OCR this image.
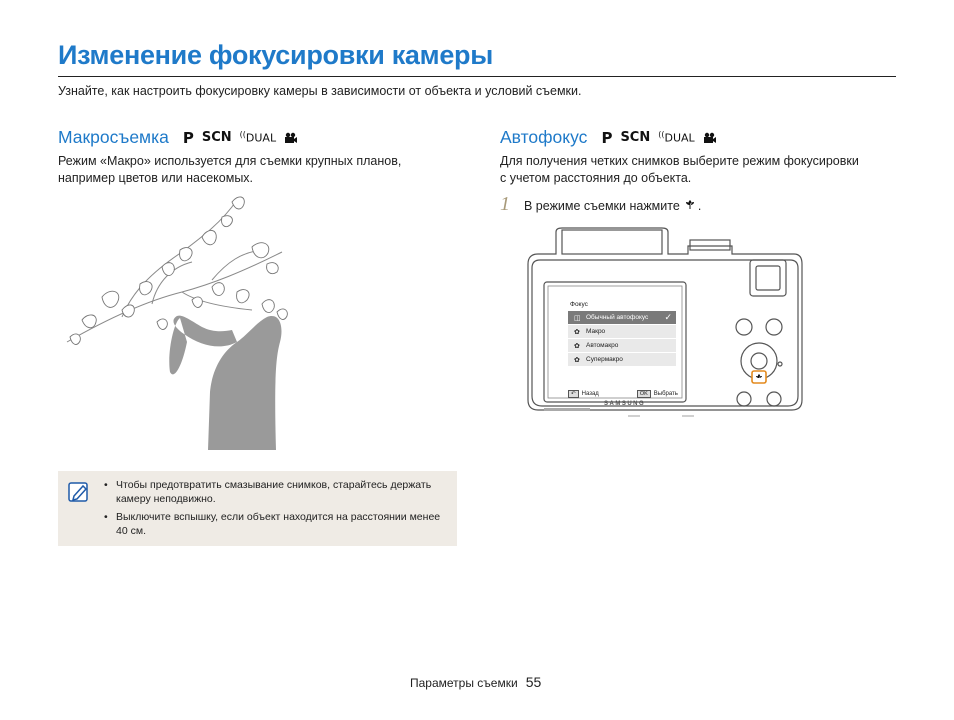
Изменение фокусировки камеры
Узнайте, как настроить фокусировку камеры в зависимости от объекта и условий съемки.
Макросъемка P SCN ((DUAL
Режим «Макро» используется для съемки крупных планов,
например цветов или насекомых.
• Чтобы предотвратить смазывание снимков, старайтесь держать камеру неподвижно.
• Выключите вспышку, если объект находится на расстоянии менее 40 см.
Автофокус P SCN ((DUAL
Для получения четких снимков выберите режим фокусировки
с учетом расстояния до объекта.
1	В режиме съемки нажмите .
Фокус
◫ Обычный автофокус ✓
✿ Макро
✿ Автомакро
✿ Супермакро
↶	Назад	OK	Выбрать
SAMSUNG
Параметры съемки 55
